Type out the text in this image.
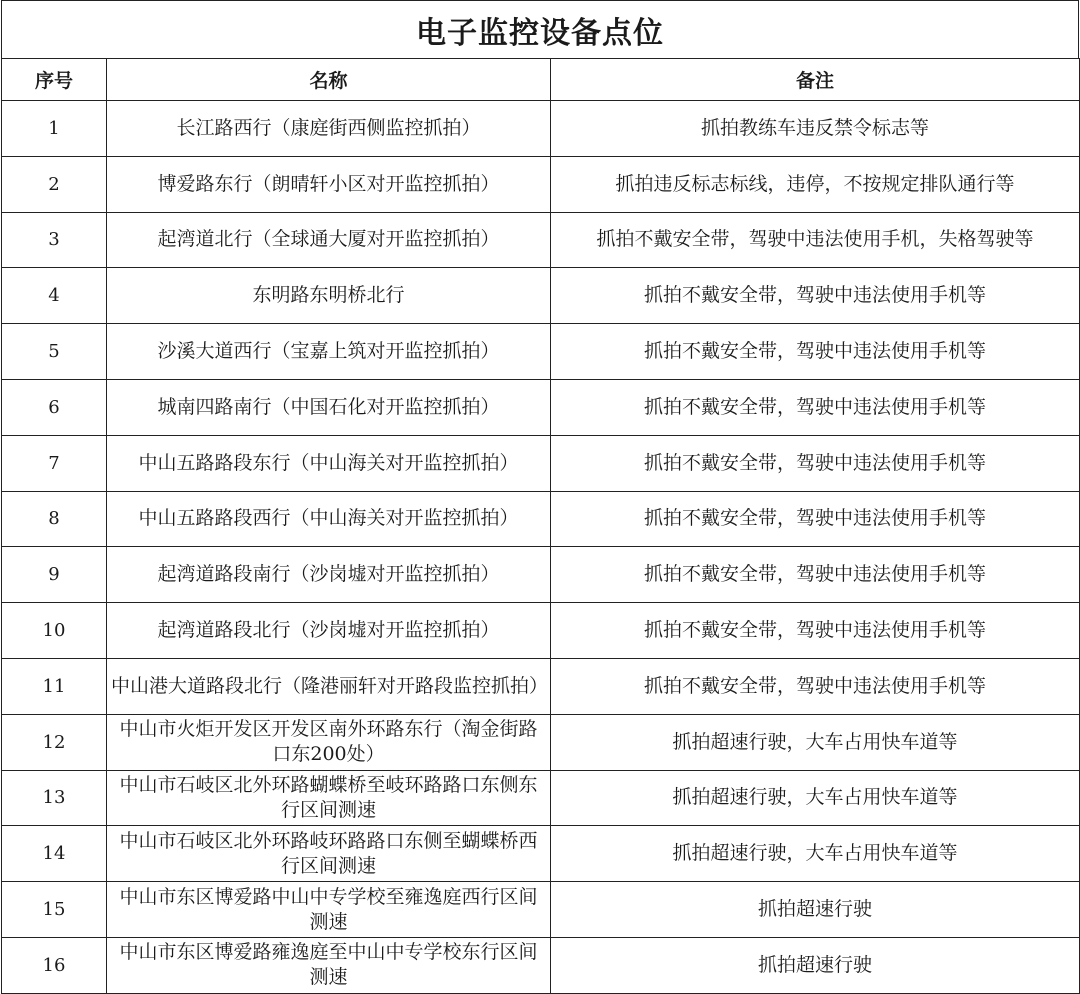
电子监控设备点位
序号	名称	备注
1	长江路西行（康庭街西侧监控抓拍）	抓拍教练车违反禁令标志等
2	博爱路东行（朗晴轩小区对开监控抓拍）	抓拍违反标志标线，违停，不按规定排队通行等
3	起湾道北行（全球通大厦对开监控抓拍）	抓拍不戴安全带，驾驶中违法使用手机，失格驾驶等
4	东明路东明桥北行	抓拍不戴安全带，驾驶中违法使用手机等
5	沙溪大道西行（宝嘉上筑对开监控抓拍）	抓拍不戴安全带，驾驶中违法使用手机等
6	城南四路南行（中国石化对开监控抓拍）	抓拍不戴安全带，驾驶中违法使用手机等
7	中山五路路段东行（中山海关对开监控抓拍）	抓拍不戴安全带，驾驶中违法使用手机等
8	中山五路路段西行（中山海关对开监控抓拍）	抓拍不戴安全带，驾驶中违法使用手机等
9	起湾道路段南行（沙岗墟对开监控抓拍）	抓拍不戴安全带，驾驶中违法使用手机等
10	起湾道路段北行（沙岗墟对开监控抓拍）	抓拍不戴安全带，驾驶中违法使用手机等
11	中山港大道路段北行（隆港丽轩对开路段监控抓拍）	抓拍不戴安全带，驾驶中违法使用手机等
12	中山市火炬开发区开发区南外环路东行（淘金街路口东200处）	抓拍超速行驶，大车占用快车道等
13	中山市石岐区北外环路蝴蝶桥至岐环路路口东侧东行区间测速	抓拍超速行驶，大车占用快车道等
14	中山市石岐区北外环路岐环路路口东侧至蝴蝶桥西行区间测速	抓拍超速行驶，大车占用快车道等
15	中山市东区博爱路中山中专学校至雍逸庭西行区间测速	抓拍超速行驶
16	中山市东区博爱路雍逸庭至中山中专学校东行区间测速	抓拍超速行驶
